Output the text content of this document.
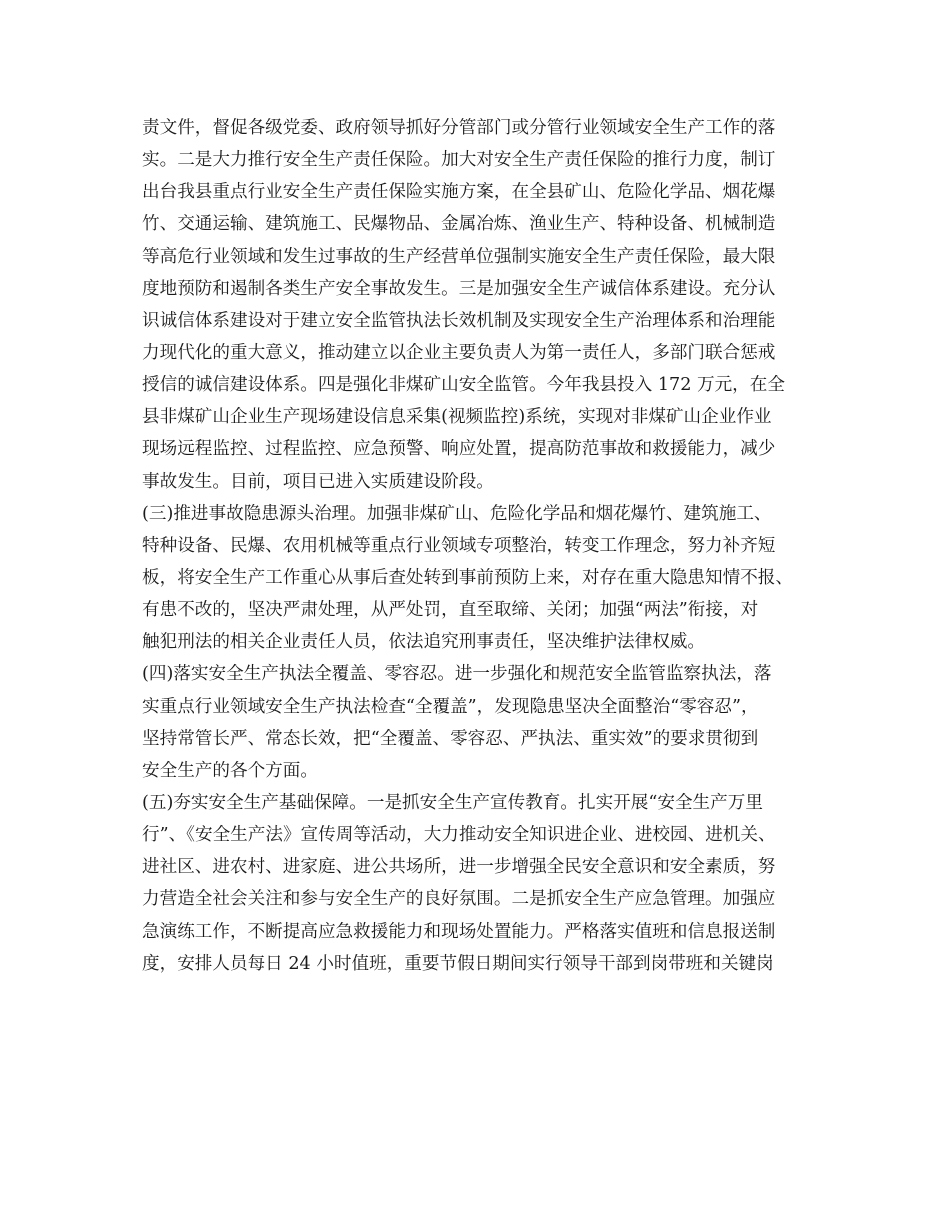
责文件，督促各级党委、政府领导抓好分管部门或分管行业领域安全生产工作的落
实。二是大力推行安全生产责任保险。加大对安全生产责任保险的推行力度，制订
出台我县重点行业安全生产责任保险实施方案，在全县矿山、危险化学品、烟花爆
竹、交通运输、建筑施工、民爆物品、金属冶炼、渔业生产、特种设备、机械制造
等高危行业领域和发生过事故的生产经营单位强制实施安全生产责任保险，最大限
度地预防和遏制各类生产安全事故发生。三是加强安全生产诚信体系建设。充分认
识诚信体系建设对于建立安全监管执法长效机制及实现安全生产治理体系和治理能
力现代化的重大意义，推动建立以企业主要负责人为第一责任人，多部门联合惩戒
授信的诚信建设体系。四是强化非煤矿山安全监管。今年我县投入 172 万元，在全
县非煤矿山企业生产现场建设信息采集(视频监控)系统，实现对非煤矿山企业作业
现场远程监控、过程监控、应急预警、响应处置，提高防范事故和救援能力，减少
事故发生。目前，项目已进入实质建设阶段。
(三)推进事故隐患源头治理。加强非煤矿山、危险化学品和烟花爆竹、建筑施工、
特种设备、民爆、农用机械等重点行业领域专项整治，转变工作理念，努力补齐短
板，将安全生产工作重心从事后查处转到事前预防上来，对存在重大隐患知情不报、
有患不改的，坚决严肃处理，从严处罚，直至取缔、关闭；加强“两法”衔接，对
触犯刑法的相关企业责任人员，依法追究刑事责任，坚决维护法律权威。
(四)落实安全生产执法全覆盖、零容忍。进一步强化和规范安全监管监察执法，落
实重点行业领域安全生产执法检查“全覆盖”，发现隐患坚决全面整治“零容忍”，
坚持常管长严、常态长效，把“全覆盖、零容忍、严执法、重实效”的要求贯彻到
安全生产的各个方面。
(五)夯实安全生产基础保障。一是抓安全生产宣传教育。扎实开展“安全生产万里
行”、《安全生产法》宣传周等活动，大力推动安全知识进企业、进校园、进机关、
进社区、进农村、进家庭、进公共场所，进一步增强全民安全意识和安全素质，努
力营造全社会关注和参与安全生产的良好氛围。二是抓安全生产应急管理。加强应
急演练工作，不断提高应急救援能力和现场处置能力。严格落实值班和信息报送制
度，安排人员每日 24 小时值班，重要节假日期间实行领导干部到岗带班和关键岗
